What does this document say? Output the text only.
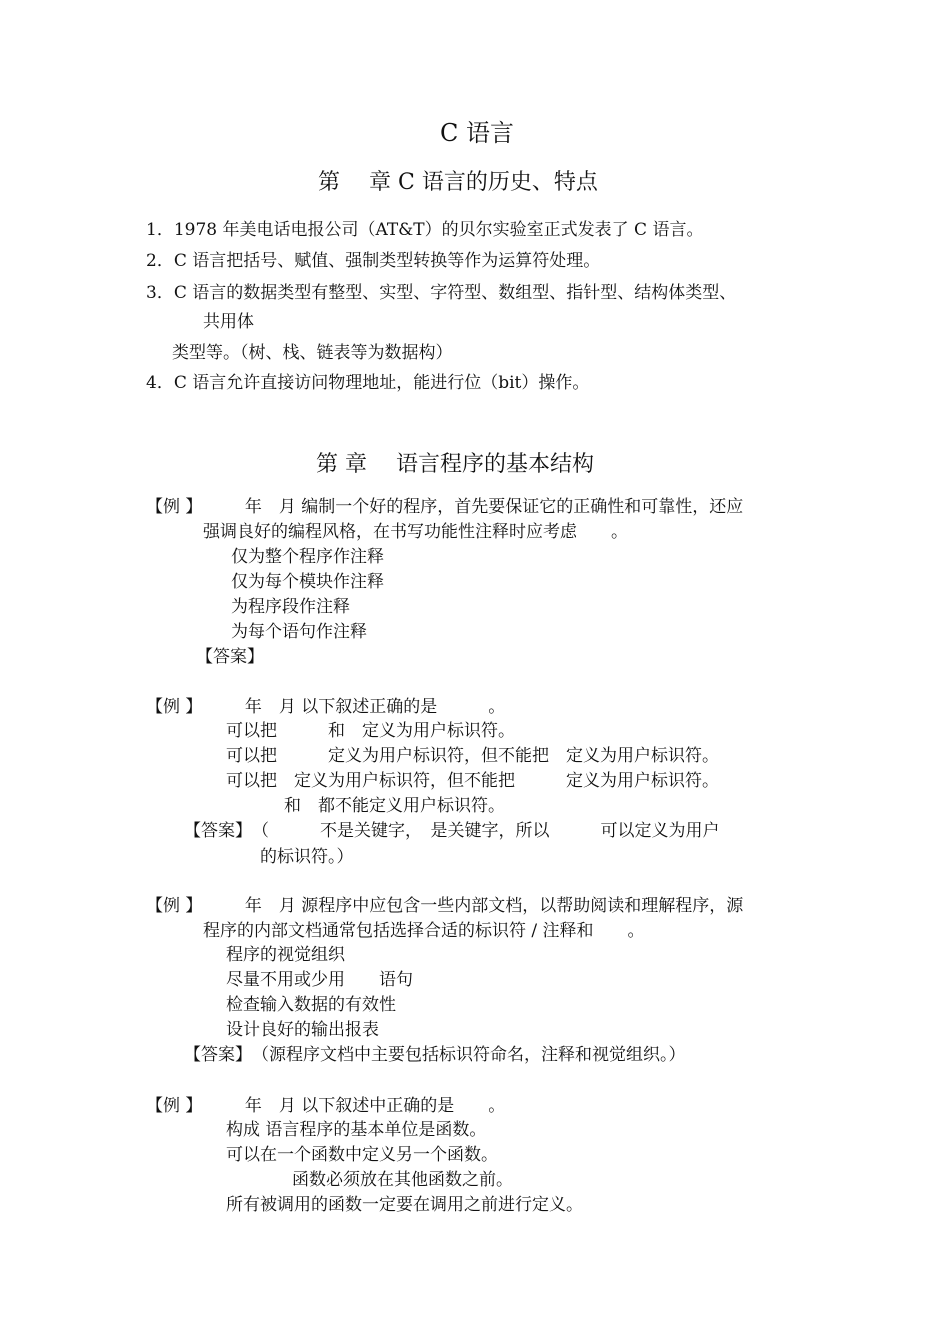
C 语言
第　 章 C 语言的历史、特点
1．1978 年美电话电报公司（AT&T）的贝尔实验室正式发表了 C 语言。
2．C 语言把括号、赋值、强制类型转换等作为运算符处理。
3．C 语言的数据类型有整型、实型、字符型、数组型、指针型、结构体类型、
共用体
类型等。（树、栈、链表等为数据构）
4．C 语言允许直接访问物理地址，能进行位（bit）操作。
第 章　 语言程序的基本结构
【例 】　　　年　月 编制一个好的程序，首先要保证它的正确性和可靠性，还应
强调良好的编程风格，在书写功能性注释时应考虑　　。
仅为整个程序作注释
仅为每个模块作注释
为程序段作注释
为每个语句作注释
【答案】
【例 】　　　年　月 以下叙述正确的是　　　。
可以把　　　和　定义为用户标识符。
可以把　　　定义为用户标识符，但不能把　定义为用户标识符。
可以把　定义为用户标识符，但不能把　　　定义为用户标识符。
和　都不能定义用户标识符。
【答案】　（　　　不是关键字，　是关键字，所以　　　可以定义为用户
的标识符。）
【例 】　　　年　月 源程序中应包含一些内部文档，以帮助阅读和理解程序，源
程序的内部文档通常包括选择合适的标识符 / 注释和　　。
程序的视觉组织
尽量不用或少用　　语句
检查输入数据的有效性
设计良好的输出报表
【答案】　（源程序文档中主要包括标识符命名，注释和视觉组织。）
【例 】　　　年　月 以下叙述中正确的是　　。
构成 语言程序的基本单位是函数。
可以在一个函数中定义另一个函数。
函数必须放在其他函数之前。
所有被调用的函数一定要在调用之前进行定义。
